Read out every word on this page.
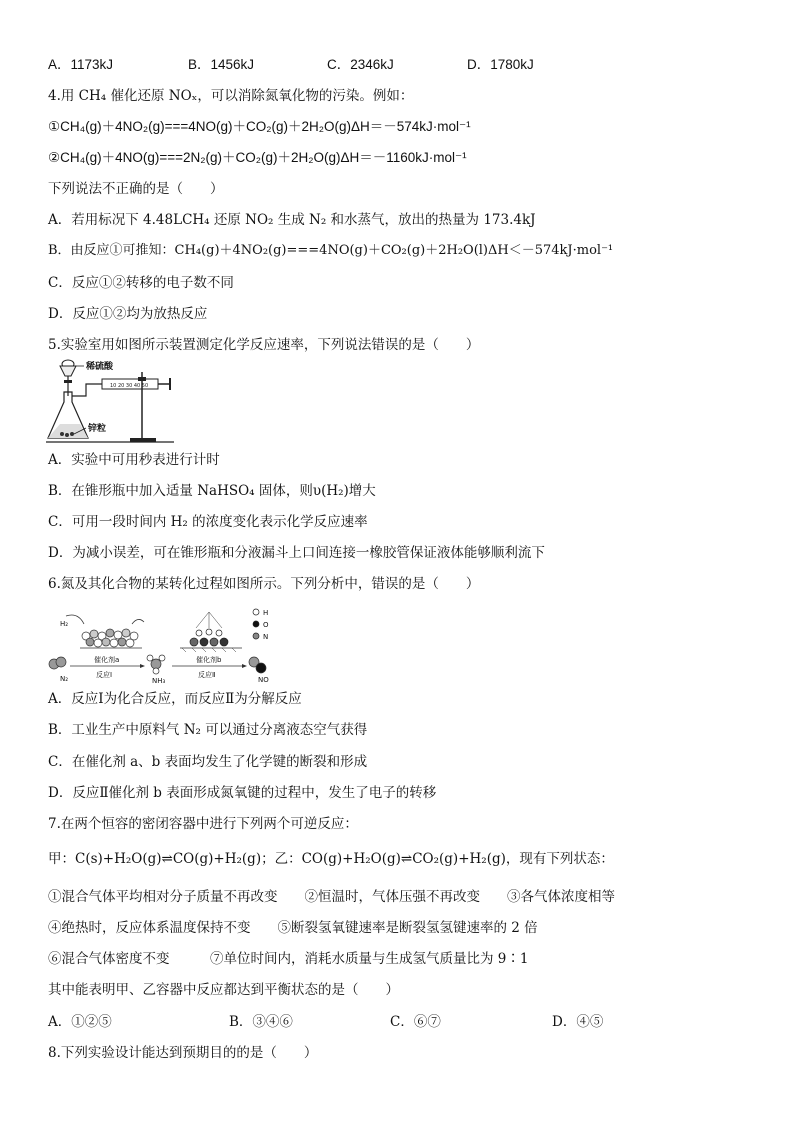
A．1173kJ	B．1456kJ	C．2346kJ	D．1780kJ
4.用 CH₄ 催化还原 NOₓ，可以消除氮氧化物的污染。例如：
①CH₄(g)＋4NO₂(g)===4NO(g)＋CO₂(g)＋2H₂O(g)ΔH＝－574kJ·mol⁻¹
②CH₄(g)＋4NO(g)===2N₂(g)＋CO₂(g)＋2H₂O(g)ΔH＝－1160kJ·mol⁻¹
下列说法不正确的是（　　）
A．若用标况下 4.48LCH₄ 还原 NO₂ 生成 N₂ 和水蒸气，放出的热量为 173.4kJ
B．由反应①可推知：CH₄(g)＋4NO₂(g)===4NO(g)＋CO₂(g)＋2H₂O(l)ΔH＜－574kJ·mol⁻¹
C．反应①②转移的电子数不同
D．反应①②均为放热反应
5.实验室用如图所示装置测定化学反应速率，下列说法错误的是（　　）
10 20 30 40 50
稀硫酸
锌粒
A．实验中可用秒表进行计时
B．在锥形瓶中加入适量 NaHSO₄ 固体，则υ(H₂)增大
C．可用一段时间内 H₂ 的浓度变化表示化学反应速率
D．为减小误差，可在锥形瓶和分液漏斗上口间连接一橡胶管保证液体能够顺利流下
6.氮及其化合物的某转化过程如图所示。下列分析中，错误的是（　　）
H₂
H
O
N
N₂
催化剂a
反应Ⅰ
NH₃
催化剂b
反应Ⅱ
NO
A．反应Ⅰ为化合反应，而反应Ⅱ为分解反应
B．工业生产中原料气 N₂ 可以通过分离液态空气获得
C．在催化剂 a、b 表面均发生了化学键的断裂和形成
D．反应Ⅱ催化剂 b 表面形成氮氧键的过程中，发生了电子的转移
7.在两个恒容的密闭容器中进行下列两个可逆反应：
甲：C(s)+H₂O(g)⇌CO(g)+H₂(g)；乙：CO(g)+H₂O(g)⇌CO₂(g)+H₂(g)，现有下列状态：
①混合气体平均相对分子质量不再改变　　②恒温时，气体压强不再改变　　③各气体浓度相等
④绝热时，反应体系温度保持不变　　⑤断裂氢氧键速率是断裂氢氢键速率的 2 倍
⑥混合气体密度不变　　　⑦单位时间内，消耗水质量与生成氢气质量比为 9∶1
其中能表明甲、乙容器中反应都达到平衡状态的是（　　）
A．①②⑤	B．③④⑥	C．⑥⑦	D．④⑤
8.下列实验设计能达到预期目的的是（　　）
